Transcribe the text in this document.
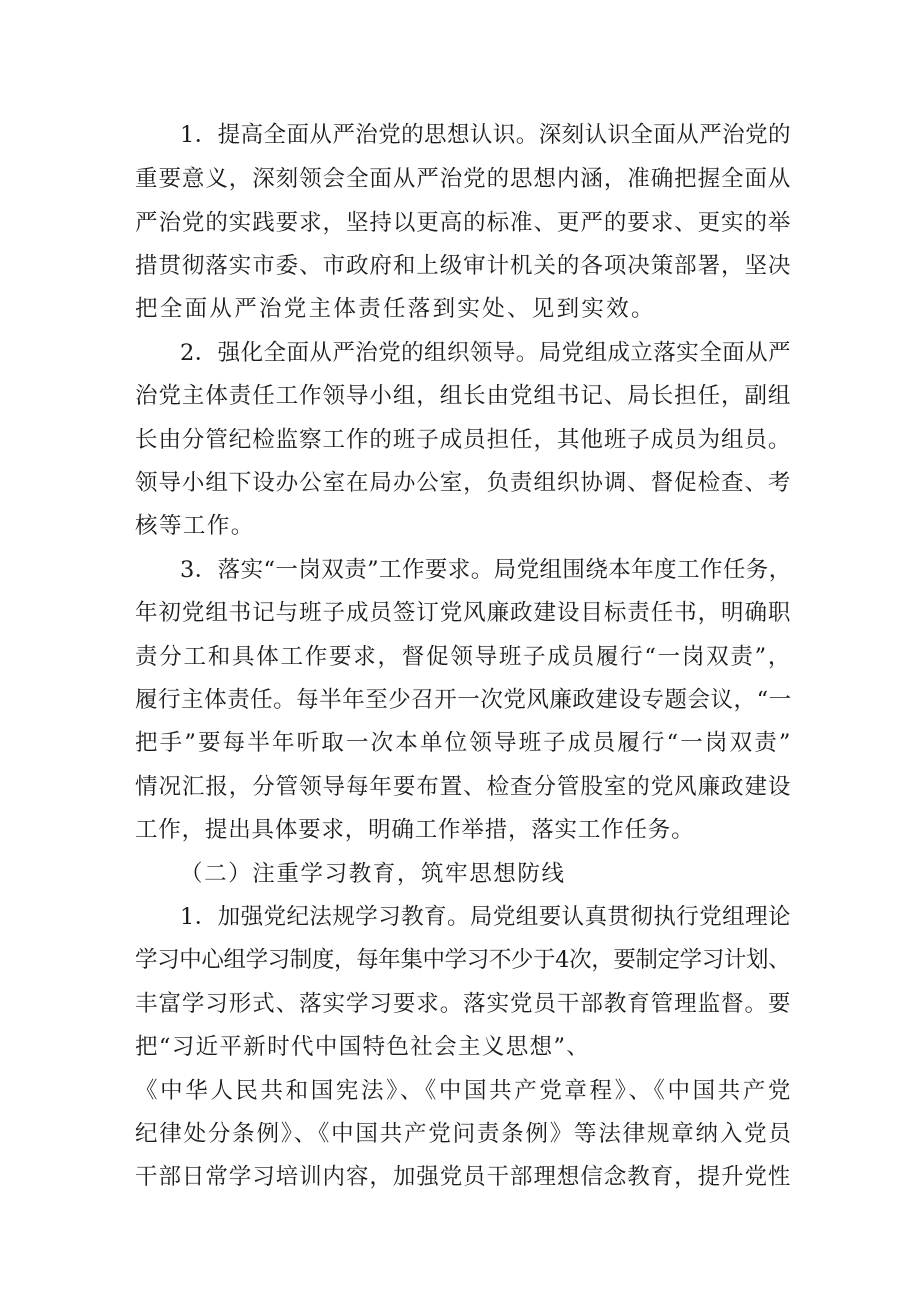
1．提高全面从严治党的思想认识。深刻认识全面从严治党的
重要意义，深刻领会全面从严治党的思想内涵，准确把握全面从
严治党的实践要求，坚持以更高的标准、更严的要求、更实的举
措贯彻落实市委、市政府和上级审计机关的各项决策部署，坚决
把全面从严治党主体责任落到实处、见到实效。
2．强化全面从严治党的组织领导。局党组成立落实全面从严
治党主体责任工作领导小组，组长由党组书记、局长担任，副组
长由分管纪检监察工作的班子成员担任，其他班子成员为组员。
领导小组下设办公室在局办公室，负责组织协调、督促检查、考
核等工作。
3．落实“一岗双责”工作要求。局党组围绕本年度工作任务，
年初党组书记与班子成员签订党风廉政建设目标责任书，明确职
责分工和具体工作要求，督促领导班子成员履行“一岗双责”，
履行主体责任。每半年至少召开一次党风廉政建设专题会议，“一
把手”要每半年听取一次本单位领导班子成员履行“一岗双责”
情况汇报，分管领导每年要布置、检查分管股室的党风廉政建设
工作，提出具体要求，明确工作举措，落实工作任务。
（二）注重学习教育，筑牢思想防线
1．加强党纪法规学习教育。局党组要认真贯彻执行党组理论
学习中心组学习制度，每年集中学习不少于4次，要制定学习计划、
丰富学习形式、落实学习要求。落实党员干部教育管理监督。要
把“习近平新时代中国特色社会主义思想”、
《中华人民共和国宪法》、《中国共产党章程》、《中国共产党
纪律处分条例》、《中国共产党问责条例》等法律规章纳入党员
干部日常学习培训内容，加强党员干部理想信念教育，提升党性
